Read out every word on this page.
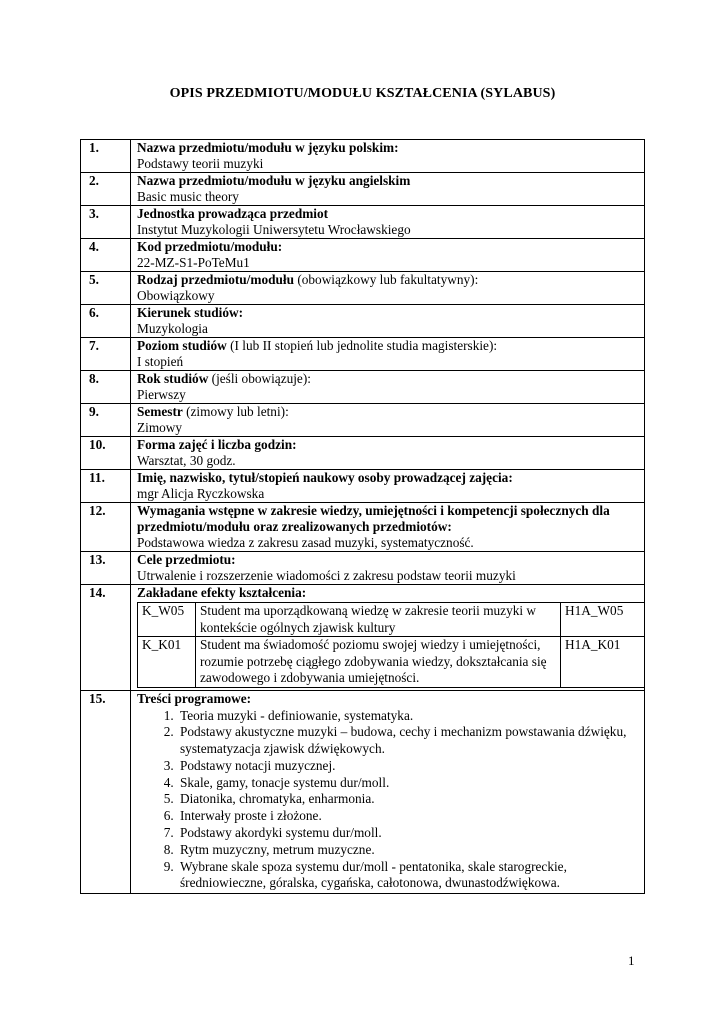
OPIS PRZEDMIOTU/MODUŁU KSZTAŁCENIA (SYLABUS)
1.	Nazwa przedmiotu/modułu w języku polskim:
Podstawy teorii muzyki

2.	Nazwa przedmiotu/modułu w języku angielskim
Basic music theory

3.	Jednostka prowadząca przedmiot
Instytut Muzykologii Uniwersytetu Wrocławskiego

4.	Kod przedmiotu/modułu:
22-MZ-S1-PoTeMu1

5.	Rodzaj przedmiotu/modułu (obowiązkowy lub fakultatywny):
Obowiązkowy

6.	Kierunek studiów:
Muzykologia

7.	Poziom studiów (I lub II stopień lub jednolite studia magisterskie):
I stopień

8.	Rok studiów (jeśli obowiązuje):
Pierwszy

9.	Semestr (zimowy lub letni):
Zimowy

10.	Forma zajęć i liczba godzin:
Warsztat, 30 godz.

11.	Imię, nazwisko, tytuł/stopień naukowy osoby prowadzącej zajęcia:
mgr Alicja Ryczkowska

12.	Wymagania wstępne w zakresie wiedzy, umiejętności i kompetencji społecznych dla przedmiotu/modułu oraz zrealizowanych przedmiotów:
Podstawowa wiedza z zakresu zasad muzyki, systematyczność.

13.	Cele przedmiotu:
Utrwalenie i rozszerzenie wiadomości z zakresu podstaw teorii muzyki

14.	Zakładane efekty kształcenia:
K_W05	Student ma uporządkowaną wiedzę w zakresie teorii muzyki w kontekście ogólnych zjawisk kultury	H1A_W05
K_K01	Student ma świadomość poziomu swojej wiedzy i umiejętności, rozumie potrzebę ciągłego zdobywania wiedzy, dokształcania się zawodowego i zdobywania umiejętności.	H1A_K01

15.	Treści programowe:
1. Teoria muzyki - definiowanie, systematyka.
2. Podstawy akustyczne muzyki – budowa, cechy i mechanizm powstawania dźwięku, systematyzacja zjawisk dźwiękowych.
3. Podstawy notacji muzycznej.
4. Skale, gamy, tonacje systemu dur/moll.
5. Diatonika, chromatyka, enharmonia.
6. Interwały proste i złożone.
7. Podstawy akordyki systemu dur/moll.
8. Rytm muzyczny, metrum muzyczne.
9. Wybrane skale spoza systemu dur/moll - pentatonika, skale starogreckie, średniowieczne, góralska, cygańska, całotonowa, dwunastodźwiękowa.
1
